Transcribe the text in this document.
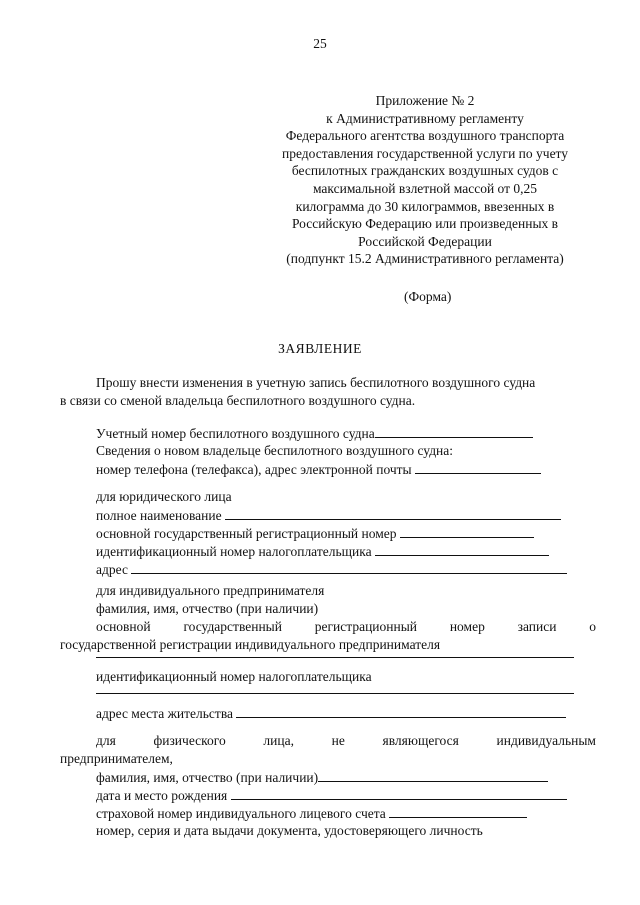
25
Приложение № 2
к Административному регламенту
Федерального агентства воздушного транспорта
предоставления государственной услуги по учету
беспилотных гражданских воздушных судов с
максимальной взлетной массой от 0,25
килограмма до 30 килограммов, ввезенных в
Российскую Федерацию или произведенных в
Российской Федерации
(подпункт 15.2 Административного регламента)
(Форма)
ЗАЯВЛЕНИЕ
Прошу внести изменения в учетную запись беспилотного воздушного судна
в связи со сменой владельца беспилотного воздушного судна.
Учетный номер беспилотного воздушного судна
Сведения о новом владельце беспилотного воздушного судна:
номер телефона (телефакса), адрес электронной почты
для юридического лица
полное наименование
основной государственный регистрационный номер
идентификационный номер налогоплательщика
адрес
для индивидуального предпринимателя
фамилия, имя, отчество (при наличии)
основной государственный регистрационный номер записи о
государственной регистрации индивидуального предпринимателя
идентификационный номер налогоплательщика
адрес места жительства
для	физического	лица,	не	являющегося	индивидуальным
предпринимателем,
фамилия, имя, отчество (при наличии)
дата и место рождения
страховой номер индивидуального лицевого счета
номер, серия и дата выдачи документа, удостоверяющего личность
